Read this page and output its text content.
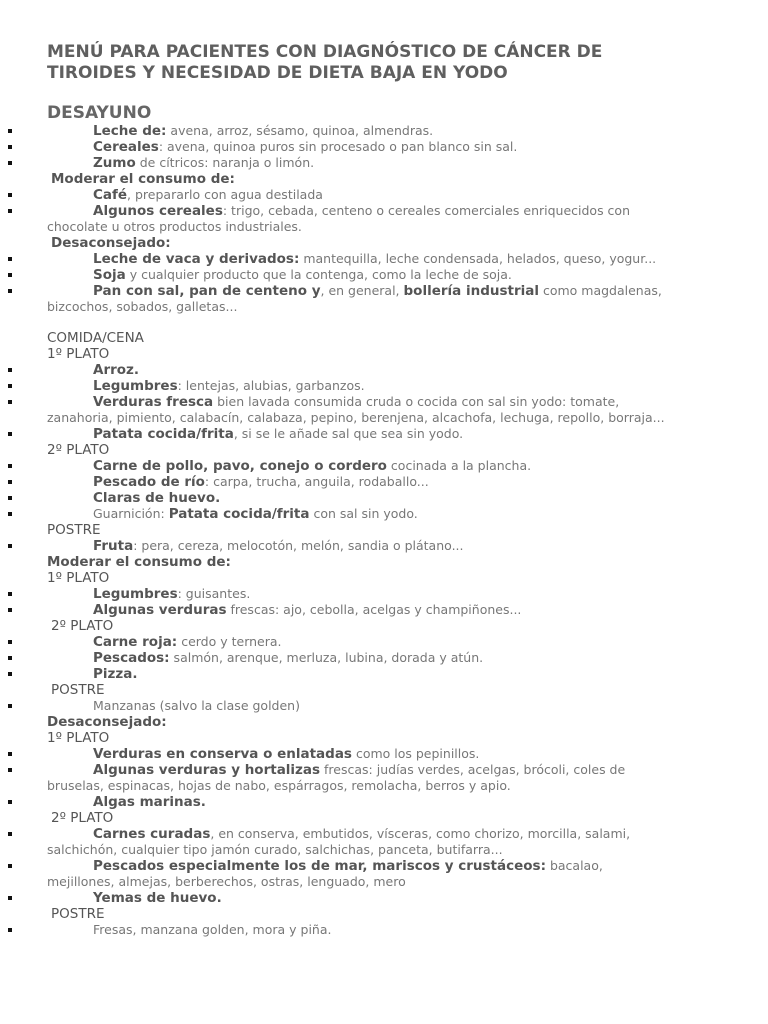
MENÚ PARA PACIENTES CON DIAGNÓSTICO DE CÁNCER DE TIROIDES Y NECESIDAD DE DIETA BAJA EN YODO
DESAYUNO
Leche de: avena, arroz, sésamo, quinoa, almendras.
Cereales: avena, quinoa puros sin procesado o pan blanco sin sal.
Zumo de cítricos: naranja o limón.
Moderar el consumo de:
Café, prepararlo con agua destilada
Algunos cereales: trigo, cebada, centeno o cereales comerciales enriquecidos con
chocolate u otros productos industriales.
Desaconsejado:
Leche de vaca y derivados: mantequilla, leche condensada, helados, queso, yogur...
Soja y cualquier producto que la contenga, como la leche de soja.
Pan con sal, pan de centeno y, en general, bollería industrial como magdalenas,
bizcochos, sobados, galletas...
COMIDA/CENA
1º PLATO
Arroz.
Legumbres: lentejas, alubias, garbanzos.
Verduras fresca bien lavada consumida cruda o cocida con sal sin yodo: tomate,
zanahoria, pimiento, calabacín, calabaza, pepino, berenjena, alcachofa, lechuga, repollo, borraja...
Patata cocida/frita, si se le añade sal que sea sin yodo.
2º PLATO
Carne de pollo, pavo, conejo o cordero cocinada a la plancha.
Pescado de río: carpa, trucha, anguila, rodaballo...
Claras de huevo.
Guarnición: Patata cocida/frita con sal sin yodo.
POSTRE
Fruta: pera, cereza, melocotón, melón, sandia o plátano...
Moderar el consumo de:
1º PLATO
Legumbres: guisantes.
Algunas verduras frescas: ajo, cebolla, acelgas y champiñones...
2º PLATO
Carne roja: cerdo y ternera.
Pescados: salmón, arenque, merluza, lubina, dorada y atún.
Pizza.
POSTRE
Manzanas (salvo la clase golden)
Desaconsejado:
1º PLATO
Verduras en conserva o enlatadas como los pepinillos.
Algunas verduras y hortalizas frescas: judías verdes, acelgas, brócoli, coles de
bruselas, espinacas, hojas de nabo, espárragos, remolacha, berros y apio.
Algas marinas.
2º PLATO
Carnes curadas, en conserva, embutidos, vísceras, como chorizo, morcilla, salami,
salchichón, cualquier tipo jamón curado, salchichas, panceta, butifarra...
Pescados especialmente los de mar, mariscos y crustáceos: bacalao,
mejillones, almejas, berberechos, ostras, lenguado, mero
Yemas de huevo.
POSTRE
Fresas, manzana golden, mora y piña.
